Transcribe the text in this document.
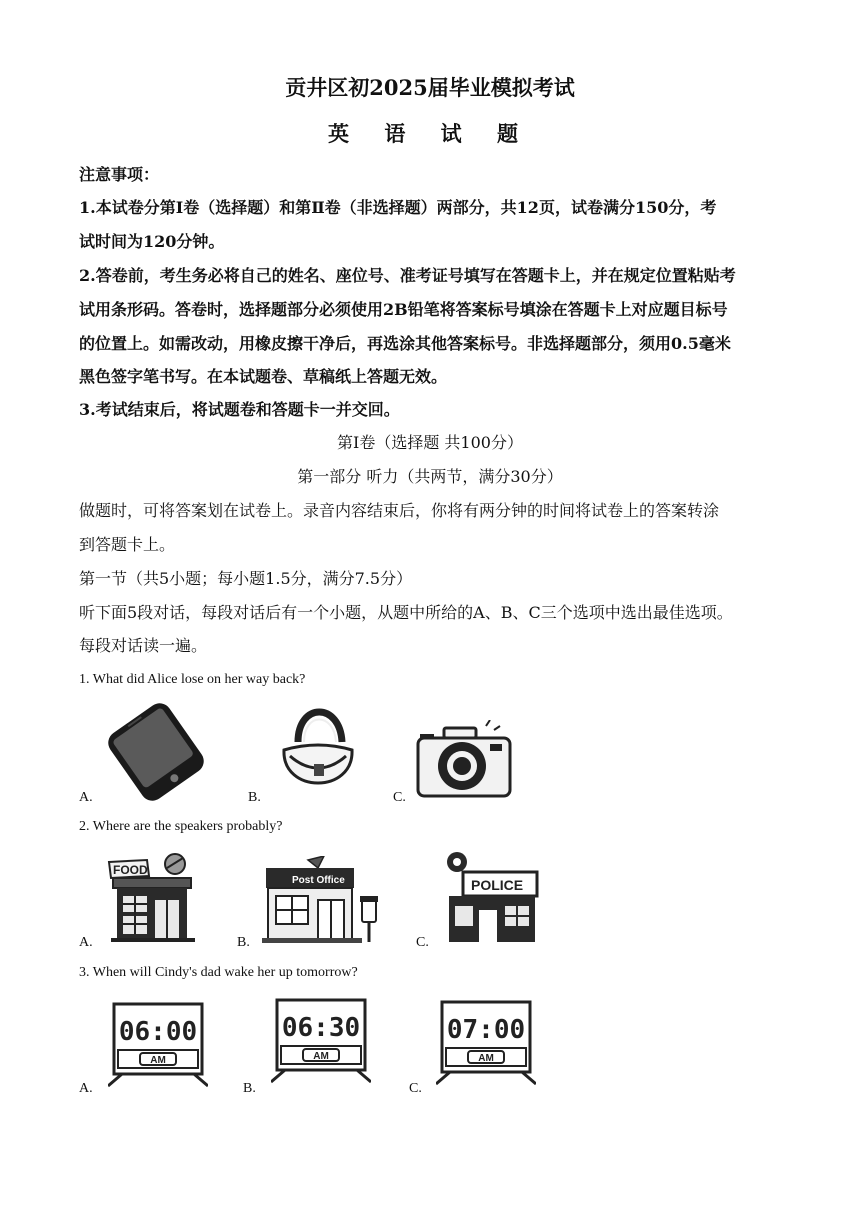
贡井区初2025届毕业模拟考试
英 语 试 题
注意事项：
1.本试卷分第Ⅰ卷（选择题）和第Ⅱ卷（非选择题）两部分，共12页，试卷满分150分，考
试时间为120分钟。
2.答卷前，考生务必将自己的姓名、座位号、准考证号填写在答题卡上，并在规定位置粘贴考
试用条形码。答卷时，选择题部分必须使用2B铅笔将答案标号填涂在答题卡上对应题目标号
的位置上。如需改动，用橡皮擦干净后，再选涂其他答案标号。非选择题部分，须用0.5毫米
黑色签字笔书写。在本试题卷、草稿纸上答题无效。
3.考试结束后，将试题卷和答题卡一并交回。
第Ⅰ卷（选择题 共100分）
第一部分 听力（共两节，满分30分）
做题时，可将答案划在试卷上。录音内容结束后，你将有两分钟的时间将试卷上的答案转涂
到答题卡上。
第一节（共5小题；每小题1.5分，满分7.5分）
听下面5段对话，每段对话后有一个小题，从题中所给的A、B、C三个选项中选出最佳选项。
每段对话读一遍。
1. What did Alice lose on her way back?
A.	B.	C.
2. Where are the speakers probably?
FOOD
A.
Post Office
B.
POLICE
C.
3. When will Cindy's dad wake her up tomorrow?
06:00
AM
A.
06:30
AM
B.
07:00
AM
C.
